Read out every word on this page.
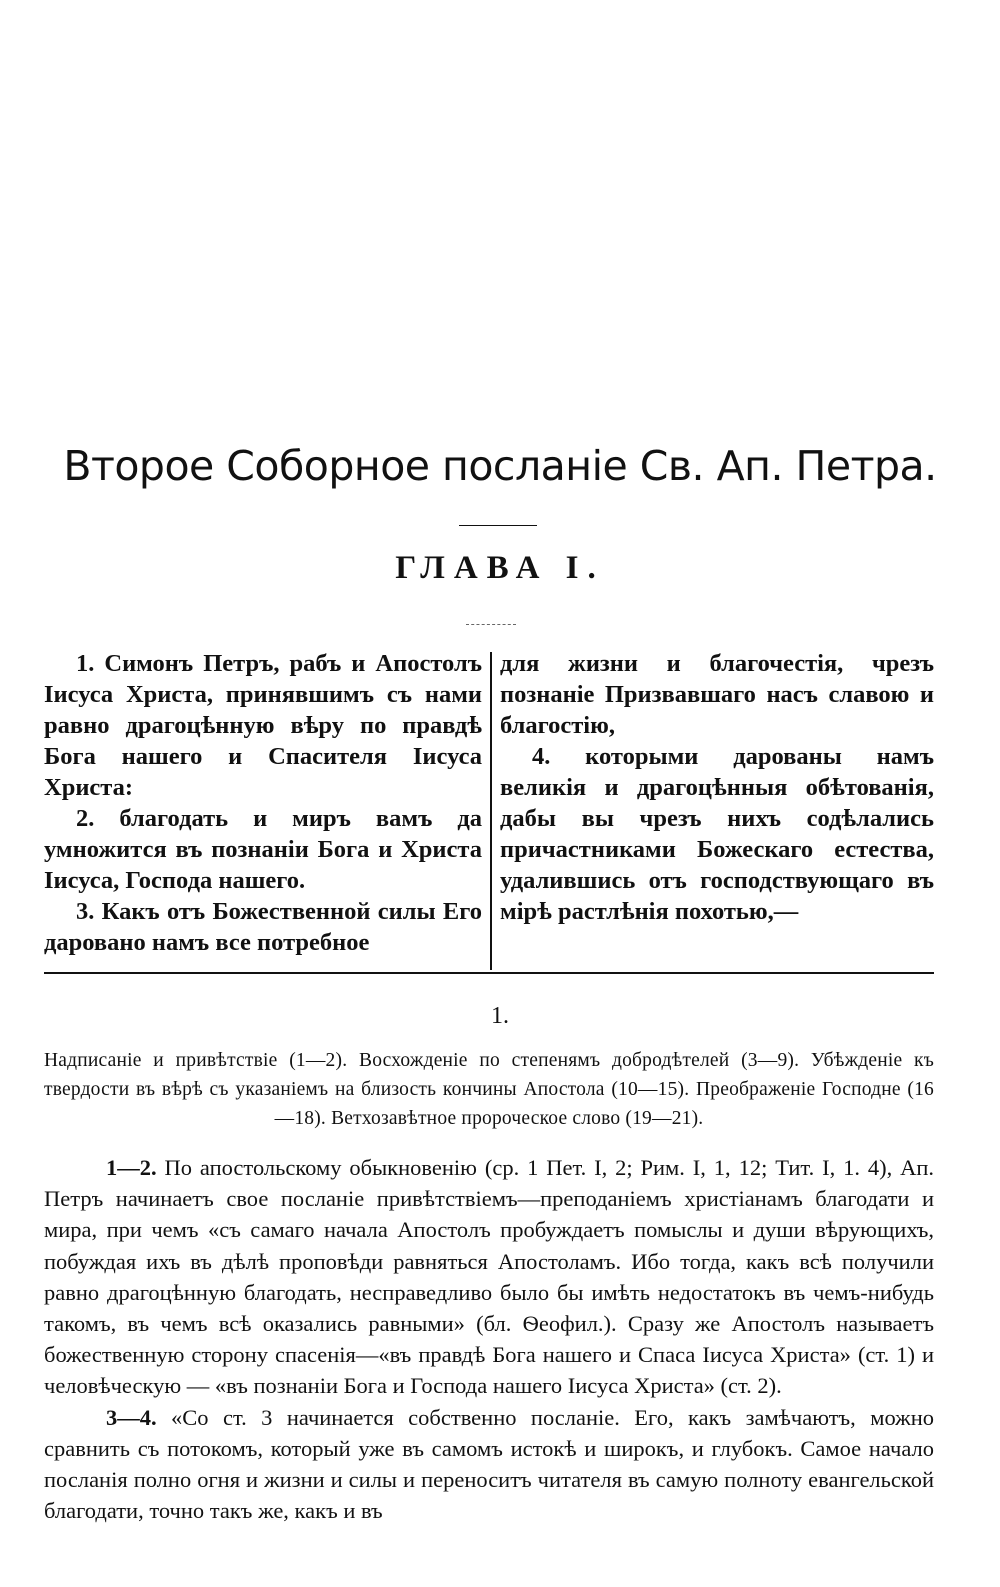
Второе Соборное посланіе Св. Ап. Петра.
ГЛАВА I.

1. Симонъ Петръ, рабъ и Апостолъ Іисуса Христа, принявшимъ съ нами равно драгоцѣнную вѣру по правдѣ Бога нашего и Спасителя Іисуса Христа:

2. благодать и миръ вамъ да умножится въ познаніи Бога и Христа Іисуса, Господа нашего.

3. Какъ отъ Божественной силы Его даровано намъ все потребное

для жизни и благочестія, чрезъ познаніе Призвавшаго насъ славою и благостію,

4. которыми дарованы намъ великія и драгоцѣнныя обѣтованія, дабы вы чрезъ нихъ содѣлались причастниками Божескаго естества, удалившись отъ господствующаго въ мірѣ растлѣнія похотью,—

1.

Надписаніе и привѣтствіе (1—2). Восхожденіе по степенямъ добродѣтелей (3—9). Убѣжденіе къ твердости въ вѣрѣ съ указаніемъ на близость кончины Апостола (10—15). Преображеніе Господне (16—18). Ветхозавѣтное пророческое слово (19—21).

1—2. По апостольскому обыкновенію (ср. 1 Пет. I, 2; Рим. I, 1, 12; Тит. I, 1. 4), Ап. Петръ начинаетъ свое посланіе привѣтствіемъ—преподаніемъ христіанамъ благодати и мира, при чемъ «съ самаго начала Апостолъ пробуждаетъ помыслы и души вѣрующихъ, побуждая ихъ въ дѣлѣ проповѣди равняться Апостоламъ. Ибо тогда, какъ всѣ получили равно драгоцѣнную благодать, несправедливо было бы имѣть недостатокъ въ чемъ-нибудь такомъ, въ чемъ всѣ оказались равными» (бл. Ѳеофил.). Сразу же Апостолъ называетъ божественную сторону спасенія—«въ правдѣ Бога нашего и Спаса Іисуса Христа» (ст. 1) и человѣческую — «въ познаніи Бога и Господа нашего Іисуса Христа» (ст. 2).

3—4. «Со ст. 3 начинается собственно посланіе. Его, какъ замѣчаютъ, можно сравнить съ потокомъ, который уже въ самомъ истокѣ и широкъ, и глубокъ. Самое начало посланія полно огня и жизни и силы и переноситъ читателя въ самую полноту евангельской благодати, точно такъ же, какъ и въ
